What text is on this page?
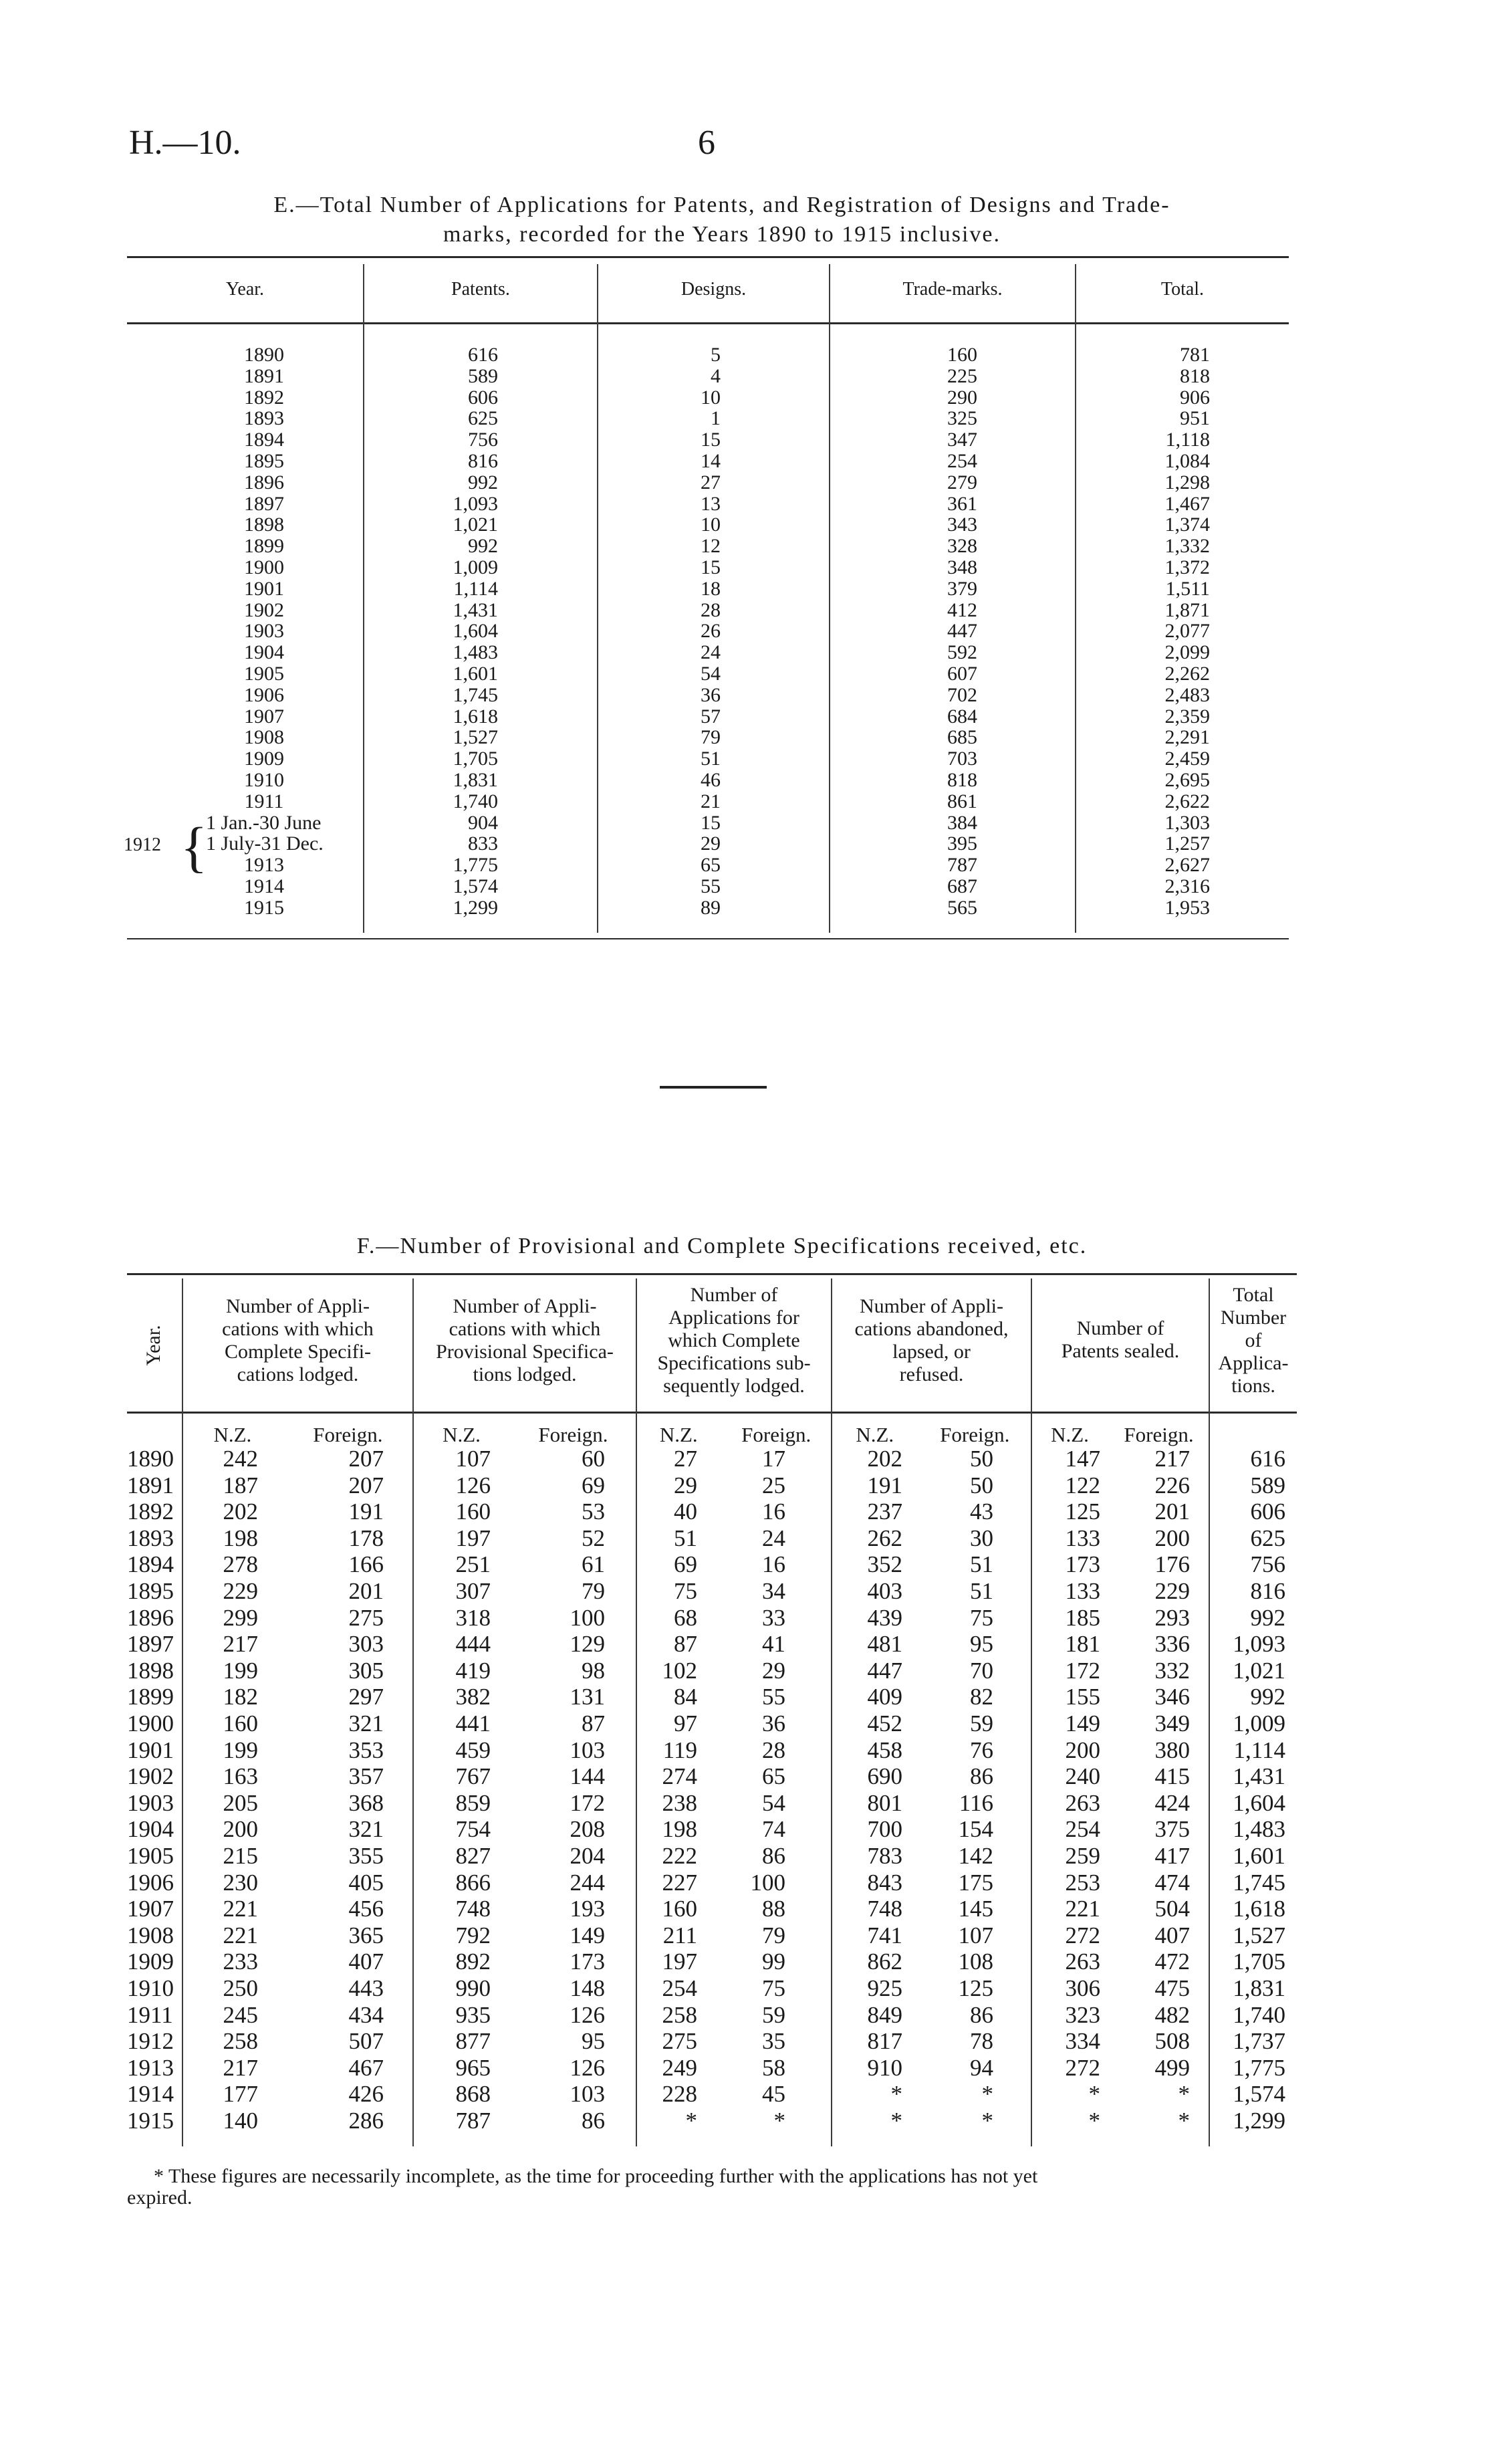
H.—10.	6
E.—Total Number of Applications for Patents, and Registration of Designs and Trade-
marks, recorded for the Years 1890 to 1915 inclusive.
Year.	Patents.	Designs.	Trade-marks.	Total.
1890	616	5	160	781
1891	589	4	225	818
1892	606	10	290	906
1893	625	1	325	951
1894	756	15	347	1,118
1895	816	14	254	1,084
1896	992	27	279	1,298
1897	1,093	13	361	1,467
1898	1,021	10	343	1,374
1899	992	12	328	1,332
1900	1,009	15	348	1,372
1901	1,114	18	379	1,511
1902	1,431	28	412	1,871
1903	1,604	26	447	2,077
1904	1,483	24	592	2,099
1905	1,601	54	607	2,262
1906	1,745	36	702	2,483
1907	1,618	57	684	2,359
1908	1,527	79	685	2,291
1909	1,705	51	703	2,459
1910	1,831	46	818	2,695
1911	1,740	21	861	2,622
1 Jan.-30 June	904	15	384	1,303
1 July-31 Dec.	833	29	395	1,257
1913	1,775	65	787	2,627
1914	1,574	55	687	2,316
1915	1,299	89	565	1,953
1912 {
F.—Number of Provisional and Complete Specifications received, etc.
Year.
Number of Appli-
cations with which
Complete Specifi-
cations lodged.
Number of Appli-
cations with which
Provisional Specifica-
tions lodged.
Number of
Applications for
which Complete
Specifications sub-
sequently lodged.
Number of Appli-
cations abandoned,
lapsed, or
refused.
Number of
Patents sealed.
Total
Number
of
Applica-
tions.
N.Z.	Foreign.	N.Z.	Foreign.	N.Z.	Foreign.	N.Z.	Foreign.	N.Z.	Foreign.
1890	242	207	107	60	27	17	202	50	147	217	616
1891	187	207	126	69	29	25	191	50	122	226	589
1892	202	191	160	53	40	16	237	43	125	201	606
1893	198	178	197	52	51	24	262	30	133	200	625
1894	278	166	251	61	69	16	352	51	173	176	756
1895	229	201	307	79	75	34	403	51	133	229	816
1896	299	275	318	100	68	33	439	75	185	293	992
1897	217	303	444	129	87	41	481	95	181	336	1,093
1898	199	305	419	98	102	29	447	70	172	332	1,021
1899	182	297	382	131	84	55	409	82	155	346	992
1900	160	321	441	87	97	36	452	59	149	349	1,009
1901	199	353	459	103	119	28	458	76	200	380	1,114
1902	163	357	767	144	274	65	690	86	240	415	1,431
1903	205	368	859	172	238	54	801	116	263	424	1,604
1904	200	321	754	208	198	74	700	154	254	375	1,483
1905	215	355	827	204	222	86	783	142	259	417	1,601
1906	230	405	866	244	227	100	843	175	253	474	1,745
1907	221	456	748	193	160	88	748	145	221	504	1,618
1908	221	365	792	149	211	79	741	107	272	407	1,527
1909	233	407	892	173	197	99	862	108	263	472	1,705
1910	250	443	990	148	254	75	925	125	306	475	1,831
1911	245	434	935	126	258	59	849	86	323	482	1,740
1912	258	507	877	95	275	35	817	78	334	508	1,737
1913	217	467	965	126	249	58	910	94	272	499	1,775
1914	177	426	868	103	228	45	*	*	*	*	1,574
1915	140	286	787	86	*	*	*	*	*	*	1,299
* These figures are necessarily incomplete, as the time for proceeding further with the applications has not yet
expired.
